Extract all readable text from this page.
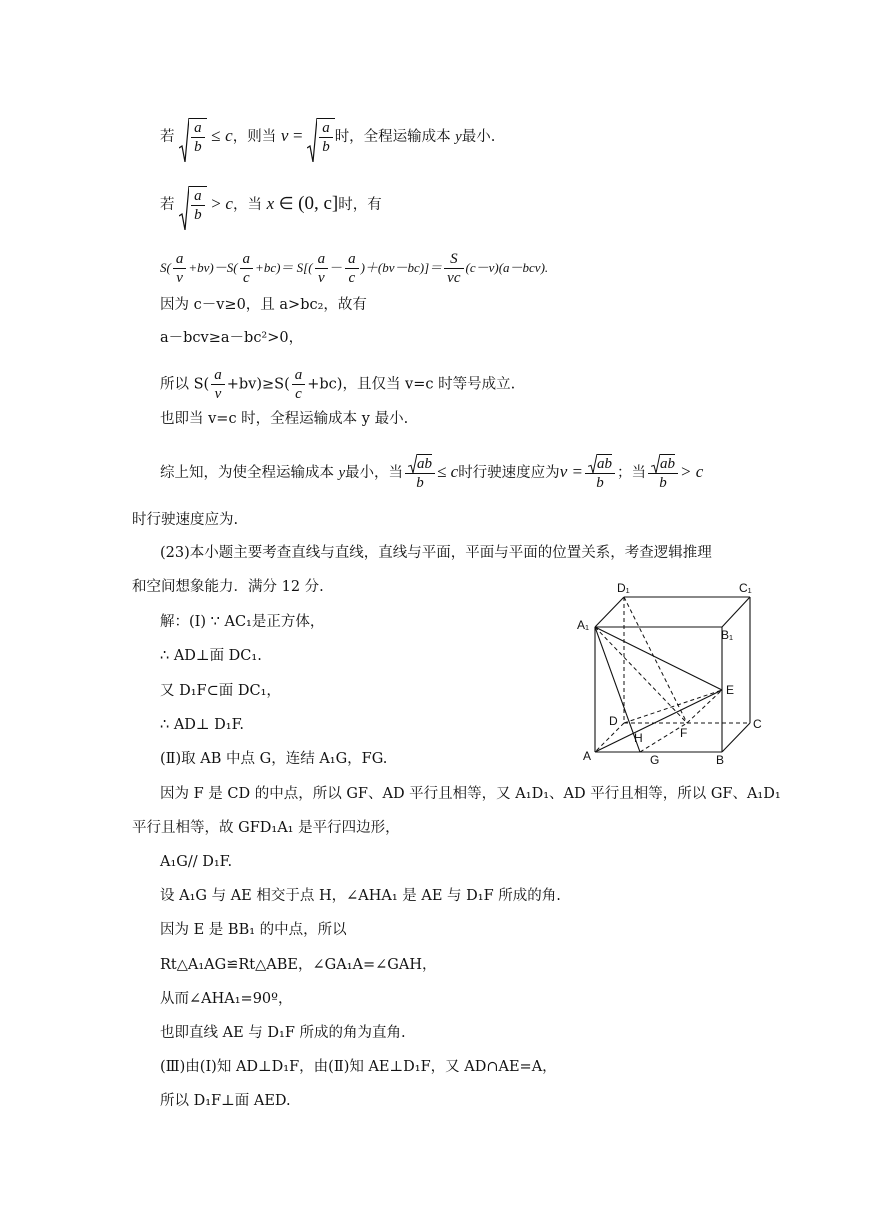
若 $\frac{a}{b} \le c$，则当 $v = \frac{a}{b}$ 时，全程运输成本 y最小.
若 $\frac{a}{b} > c$，当 x ∈ (0, c]时，有
$S( \frac{a}{v} +bv)-S( \frac{a}{c} +bc)= S[( \frac{a}{v} - \frac{a}{c} )+(bv-bc)]= \frac{S}{vc} (c-v)(a-bcv)$.
因为 c－v≥0，且 a>bc₂，故有
a－bcv≥a－bc²>0，
所以 $S( \frac{a}{v} +bv)\ge S( \frac{a}{c} +bc)$，且仅当 v=c 时等号成立.
也即当 v=c 时，全程运输成本 y 最小.
综上知，为使全程运输成本 y最小，当 $\frac{ab}{b} \le c$时行驶速度应为$v = \frac{ab}{b}$ ；当 $\frac{ab}{b} > c$
时行驶速度应为.
(23)本小题主要考查直线与直线，直线与平面，平面与平面的位置关系，考查逻辑推理
和空间想象能力．满分 12 分.
解：(Ⅰ) ∵ AC₁是正方体，
∴ AD⊥面 DC₁.
又 D₁F⊂面 DC₁，
∴ AD⊥ D₁F.
(Ⅱ)取 AB 中点 G，连结 A₁G，FG.
因为 F 是 CD 的中点，所以 GF、AD 平行且相等，又 A₁D₁、AD 平行且相等，所以 GF、A₁D₁
平行且相等，故 GFD₁A₁ 是平行四边形，
A₁G// D₁F.
设 A₁G 与 AE 相交于点 H，∠AHA₁ 是 AE 与 D₁F 所成的角.
因为 E 是 BB₁ 的中点，所以
Rt△A₁AG≌Rt△ABE，∠GA₁A=∠GAH，
从而∠AHA₁=90º，
也即直线 AE 与 D₁F 所成的角为直角.
(Ⅲ)由(Ⅰ)知 AD⊥D₁F，由(Ⅱ)知 AE⊥D₁F，又 AD∩AE=A，
所以 D₁F⊥面 AED.
D₁	C₁
A₁
B₁
E
D	C
F
H
A	G	B
